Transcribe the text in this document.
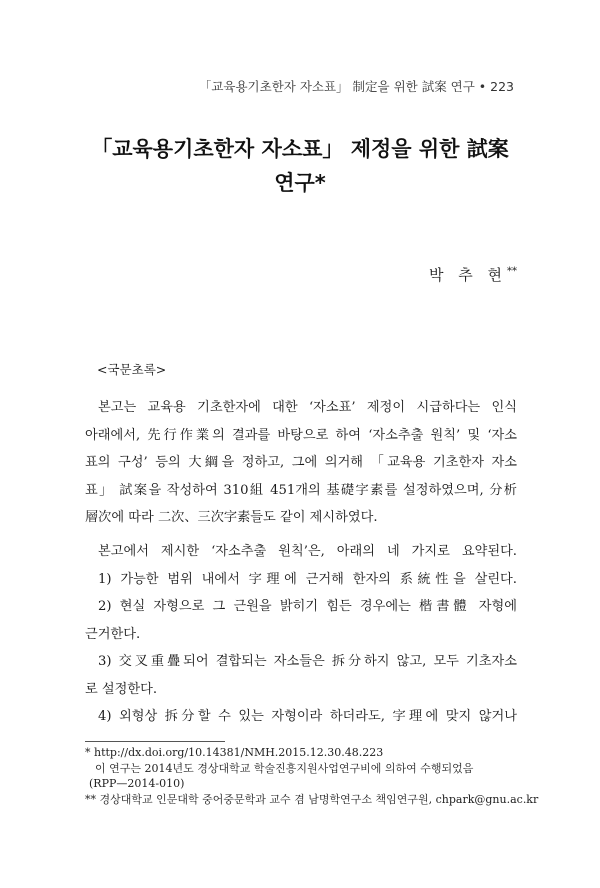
「교육용기초한자 자소표」 制定을 위한 試案 연구 • 223
「교육용기초한자 자소표」 제정을 위한 試案
연구*
박 추 현**
<국문초록>
본고는 교육용 기초한자에 대한 ‘자소표’ 제정이 시급하다는 인식
아래에서, 先行作業의 결과를 바탕으로 하여 ‘자소추출 원칙’ 및 ‘자소
표의 구성’ 등의 大綱을 정하고, 그에 의거해 「교육용 기초한자 자소
표」 試案을 작성하여 310組 451개의 基礎字素를 설정하였으며, 分析
層次에 따라 二次、三次字素들도 같이 제시하였다.
본고에서 제시한 ‘자소추출 원칙’은, 아래의 네 가지로 요약된다.
1) 가능한 범위 내에서 字理에 근거해 한자의 系統性을 살린다.
2) 현실 자형으로 그 근원을 밝히기 힘든 경우에는 楷書體 자형에
근거한다.
3) 交叉重疊되어 결합되는 자소들은 拆分하지 않고, 모두 기초자소
로 설정한다.
4) 외형상 拆分할 수 있는 자형이라 하더라도, 字理에 맞지 않거나
* http://dx.doi.org/10.14381/NMH.2015.12.30.48.223
이 연구는 2014년도 경상대학교 학술진흥지원사업연구비에 의하여 수행되었음
(RPP—2014-010)
** 경상대학교 인문대학 중어중문학과 교수 겸 남명학연구소 책임연구원, chpark@gnu.ac.kr
